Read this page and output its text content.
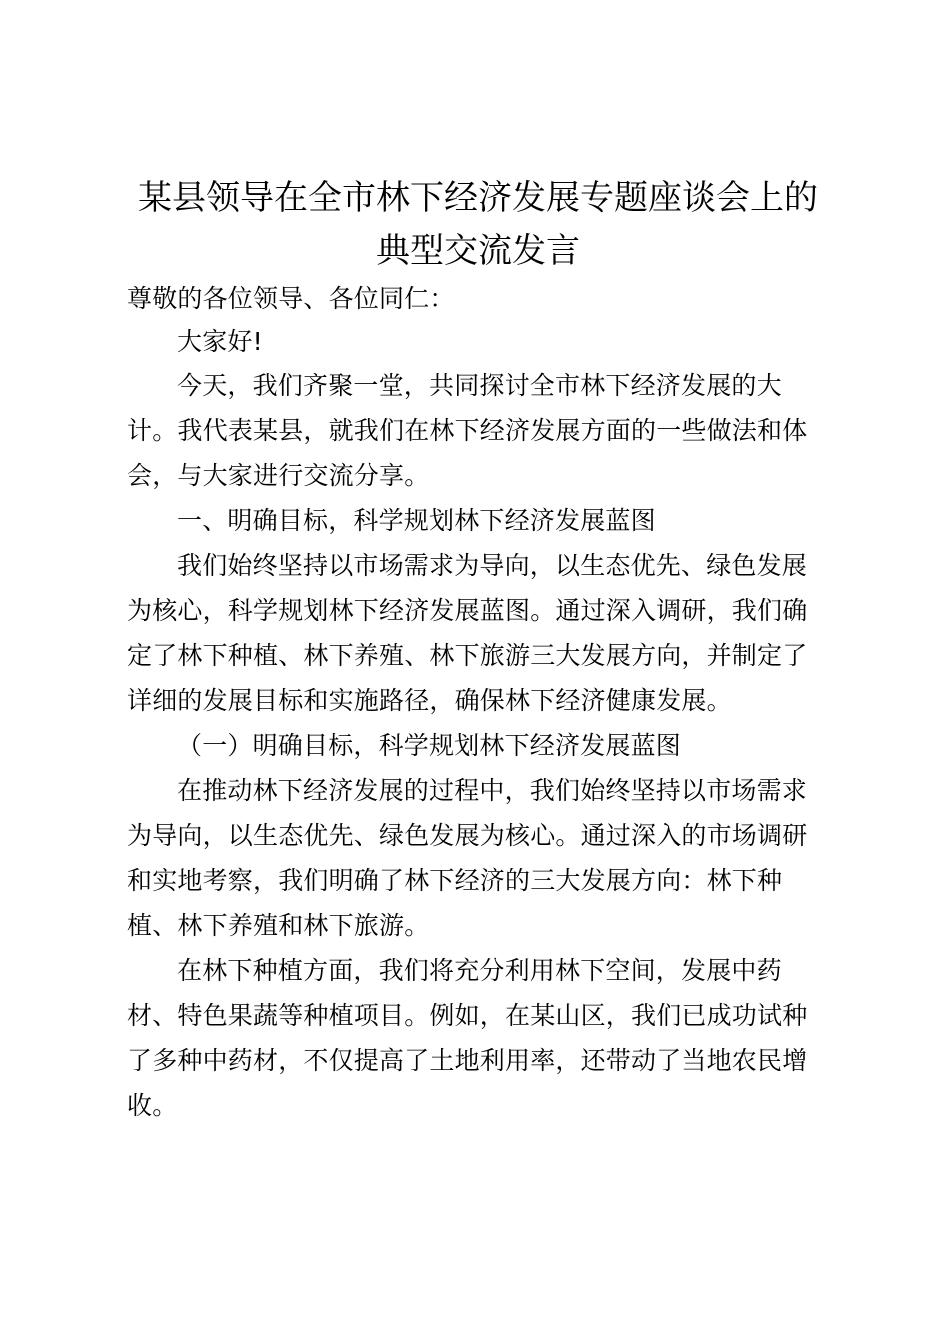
某县领导在全市林下经济发展专题座谈会上的
典型交流发言
尊敬的各位领导、各位同仁：
大家好!
今天，我们齐聚一堂，共同探讨全市林下经济发展的大
计。我代表某县，就我们在林下经济发展方面的一些做法和体
会，与大家进行交流分享。
一、明确目标，科学规划林下经济发展蓝图
我们始终坚持以市场需求为导向，以生态优先、绿色发展
为核心，科学规划林下经济发展蓝图。通过深入调研，我们确
定了林下种植、林下养殖、林下旅游三大发展方向，并制定了
详细的发展目标和实施路径，确保林下经济健康发展。
（一）明确目标，科学规划林下经济发展蓝图
在推动林下经济发展的过程中，我们始终坚持以市场需求
为导向，以生态优先、绿色发展为核心。通过深入的市场调研
和实地考察，我们明确了林下经济的三大发展方向：林下种
植、林下养殖和林下旅游。
在林下种植方面，我们将充分利用林下空间，发展中药
材、特色果蔬等种植项目。例如，在某山区，我们已成功试种
了多种中药材，不仅提高了土地利用率，还带动了当地农民增
收。
